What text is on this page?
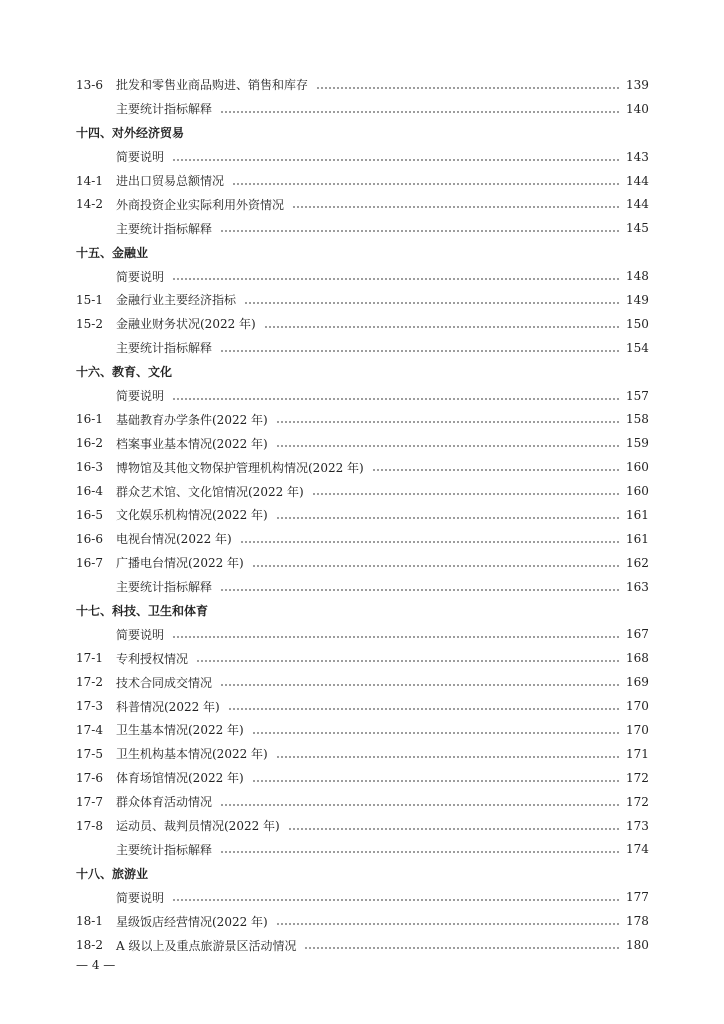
13-6	批发和零售业商品购进、销售和库存	139
主要统计指标解释	140
十四、对外经济贸易
简要说明	143
14-1	进出口贸易总额情况	144
14-2	外商投资企业实际利用外资情况	144
主要统计指标解释	145
十五、金融业
简要说明	148
15-1	金融行业主要经济指标	149
15-2	金融业财务状况(2022 年)	150
主要统计指标解释	154
十六、教育、文化
简要说明	157
16-1	基础教育办学条件(2022 年)	158
16-2	档案事业基本情况(2022 年)	159
16-3	博物馆及其他文物保护管理机构情况(2022 年)	160
16-4	群众艺术馆、文化馆情况(2022 年)	160
16-5	文化娱乐机构情况(2022 年)	161
16-6	电视台情况(2022 年)	161
16-7	广播电台情况(2022 年)	162
主要统计指标解释	163
十七、科技、卫生和体育
简要说明	167
17-1	专利授权情况	168
17-2	技术合同成交情况	169
17-3	科普情况(2022 年)	170
17-4	卫生基本情况(2022 年)	170
17-5	卫生机构基本情况(2022 年)	171
17-6	体育场馆情况(2022 年)	172
17-7	群众体育活动情况	172
17-8	运动员、裁判员情况(2022 年)	173
主要统计指标解释	174
十八、旅游业
简要说明	177
18-1	星级饭店经营情况(2022 年)	178
18-2	A 级以上及重点旅游景区活动情况	180
— 4 —
